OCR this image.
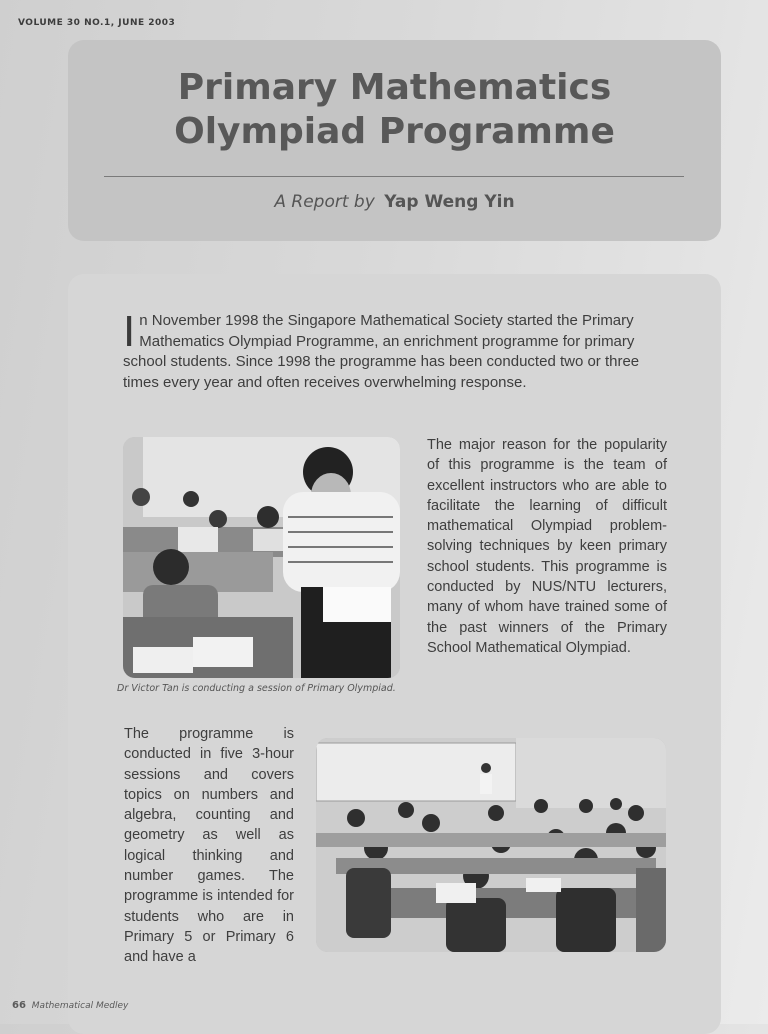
VOLUME 30 NO.1, JUNE 2003
Primary Mathematics
Olympiad Programme
A Report by Yap Weng Yin
I n November 1998 the Singapore Mathematical Society started the Primary Mathematics Olympiad Programme, an enrichment programme for primary school students. Since 1998 the programme has been conducted two or three times every year and often receives overwhelming response.
Dr Victor Tan is conducting a session of Primary Olympiad.
The major reason for the popularity of this programme is the team of excellent instructors who are able to facilitate the learning of difficult mathematical Olympiad problem-solving techniques by keen primary school students. This programme is conducted by NUS/NTU lecturers, many of whom have trained some of the past winners of the Primary School Mathematical Olympiad.
The programme is conducted in five 3-hour sessions and covers topics on numbers and algebra, counting and geometry as well as logical thinking and number games. The programme is intended for students who are in Primary 5 or Primary 6 and have a
66 Mathematical Medley
